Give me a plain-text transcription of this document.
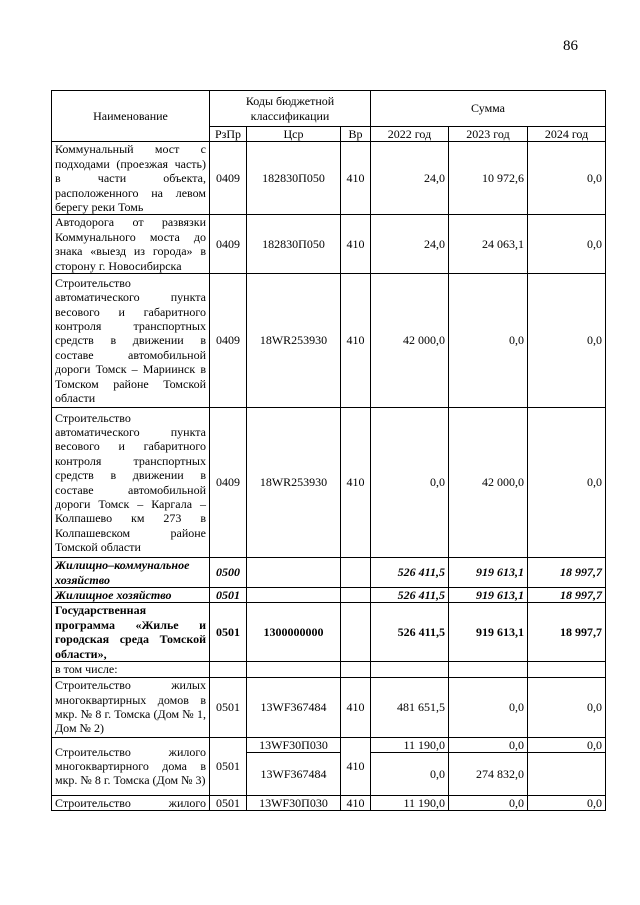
86
Наименование	Коды бюджетной классификации			Сумма		
	РзПр	Цср	Вр	2022 год	2023 год	2024 год
Коммунальный мост с подходами (проезжая часть) в части объекта, расположенного на левом берегу реки Томь	0409	182830П050	410	24,0	10 972,6	0,0
Автодорога от развязки Коммунального моста до знака «выезд из города» в сторону г. Новосибирска	0409	182830П050	410	24,0	24 063,1	0,0
Строительство автоматического пункта весового и габаритного контроля транспортных средств в движении в составе автомобильной дороги Томск – Мариинск в Томском районе Томской области	0409	18WR253930	410	42 000,0	0,0	0,0
Строительство автоматического пункта весового и габаритного контроля транспортных средств в движении в составе автомобильной дороги Томск – Каргала – Колпашево км 273 в Колпашевском районе Томской области	0409	18WR253930	410	0,0	42 000,0	0,0
Жилищно–коммунальное хозяйство	0500			526 411,5	919 613,1	18 997,7
Жилищное хозяйство	0501			526 411,5	919 613,1	18 997,7
Государственная программа «Жилье и городская среда Томской области»,	0501	1300000000		526 411,5	919 613,1	18 997,7
в том числе:						
Строительство жилых многоквартирных домов в мкр. № 8 г. Томска (Дом № 1, Дом № 2)	0501	13WF367484	410	481 651,5	0,0	0,0
Строительство жилого многоквартирного дома в мкр. № 8 г. Томска (Дом № 3)	0501	13WF30П030	410	11 190,0	0,0	0,0
		13WF367484		0,0	274 832,0	
Строительство жилого	0501	13WF30П030	410	11 190,0	0,0	0,0
